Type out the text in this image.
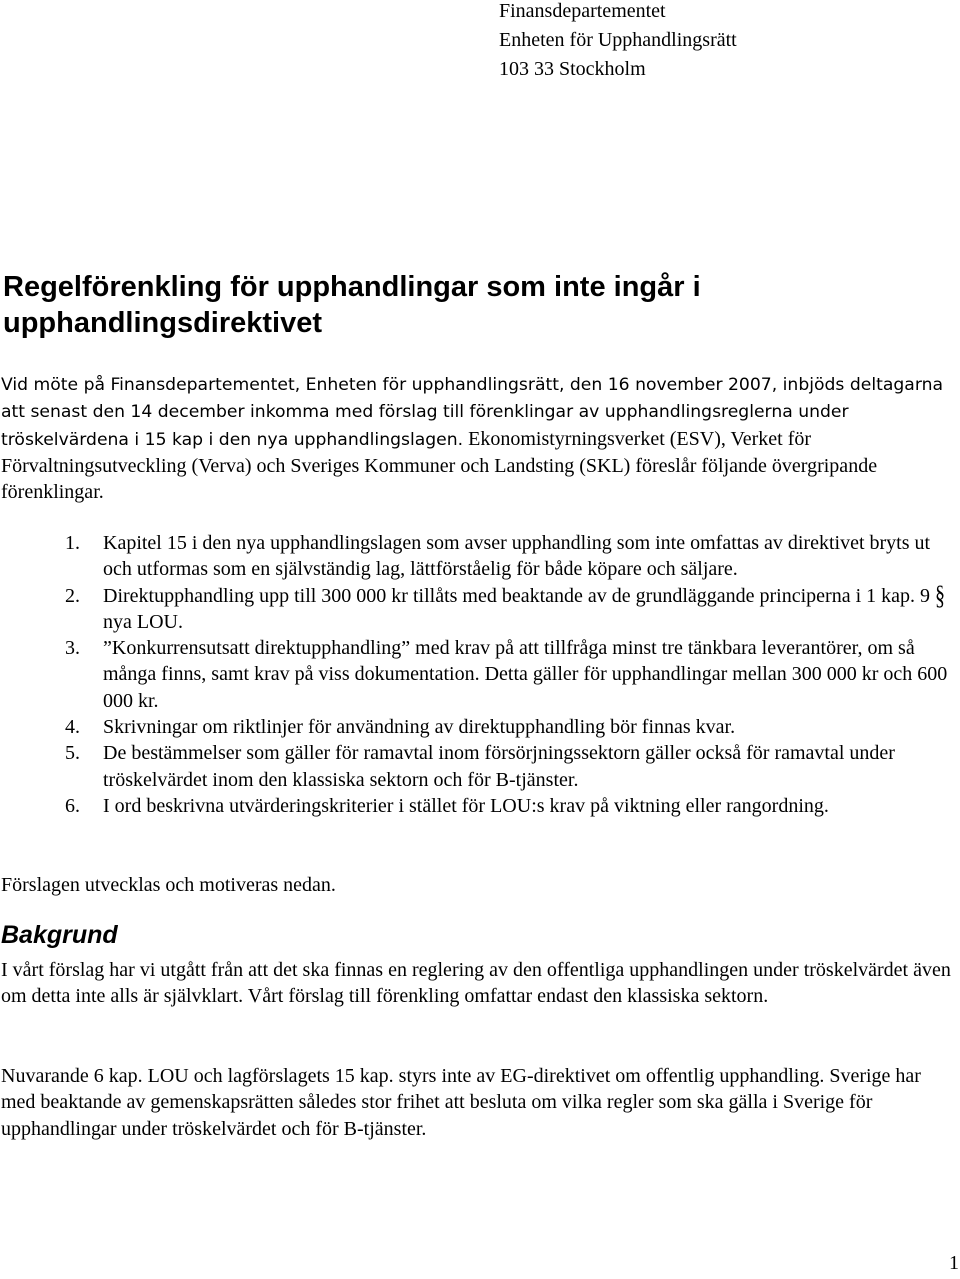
Finansdepartementet
Enheten för Upphandlingsrätt
103 33 Stockholm
Regelförenkling för upphandlingar som inte ingår i upphandlingsdirektivet

Vid möte på Finansdepartementet, Enheten för upphandlingsrätt, den 16 november 2007, inbjöds deltagarna att senast den 14 december inkomma med förslag till förenklingar av upphandlingsreglerna under tröskelvärdena i 15 kap i den nya upphandlingslagen. Ekonomistyrningsverket (ESV), Verket för Förvaltningsutveckling (Verva) och Sveriges Kommuner och Landsting (SKL) föreslår följande övergripande förenklingar.

1. Kapitel 15 i den nya upphandlingslagen som avser upphandling som inte omfattas av direktivet bryts ut och utformas som en självständig lag, lättförståelig för både köpare och säljare.
2. Direktupphandling upp till 300 000 kr tillåts med beaktande av de grundläggande principerna i 1 kap. 9 § nya LOU.
3. ”Konkurrensutsatt direktupphandling” med krav på att tillfråga minst tre tänkbara leverantörer, om så många finns, samt krav på viss dokumentation. Detta gäller för upphandlingar mellan 300 000 kr och 600 000 kr.
4. Skrivningar om riktlinjer för användning av direktupphandling bör finnas kvar.
5. De bestämmelser som gäller för ramavtal inom försörjningssektorn gäller också för ramavtal under tröskelvärdet inom den klassiska sektorn och för B-tjänster.
6. I ord beskrivna utvärderingskriterier i stället för LOU:s krav på viktning eller rangordning.

Förslagen utvecklas och motiveras nedan.

Bakgrund

I vårt förslag har vi utgått från att det ska finnas en reglering av den offentliga upphandlingen under tröskelvärdet även om detta inte alls är självklart. Vårt förslag till förenkling omfattar endast den klassiska sektorn.

Nuvarande 6 kap. LOU och lagförslagets 15 kap. styrs inte av EG-direktivet om offentlig upphandling. Sverige har med beaktande av gemenskapsrätten således stor frihet att besluta om vilka regler som ska gälla i Sverige för upphandlingar under tröskelvärdet och för B-tjänster.

1
